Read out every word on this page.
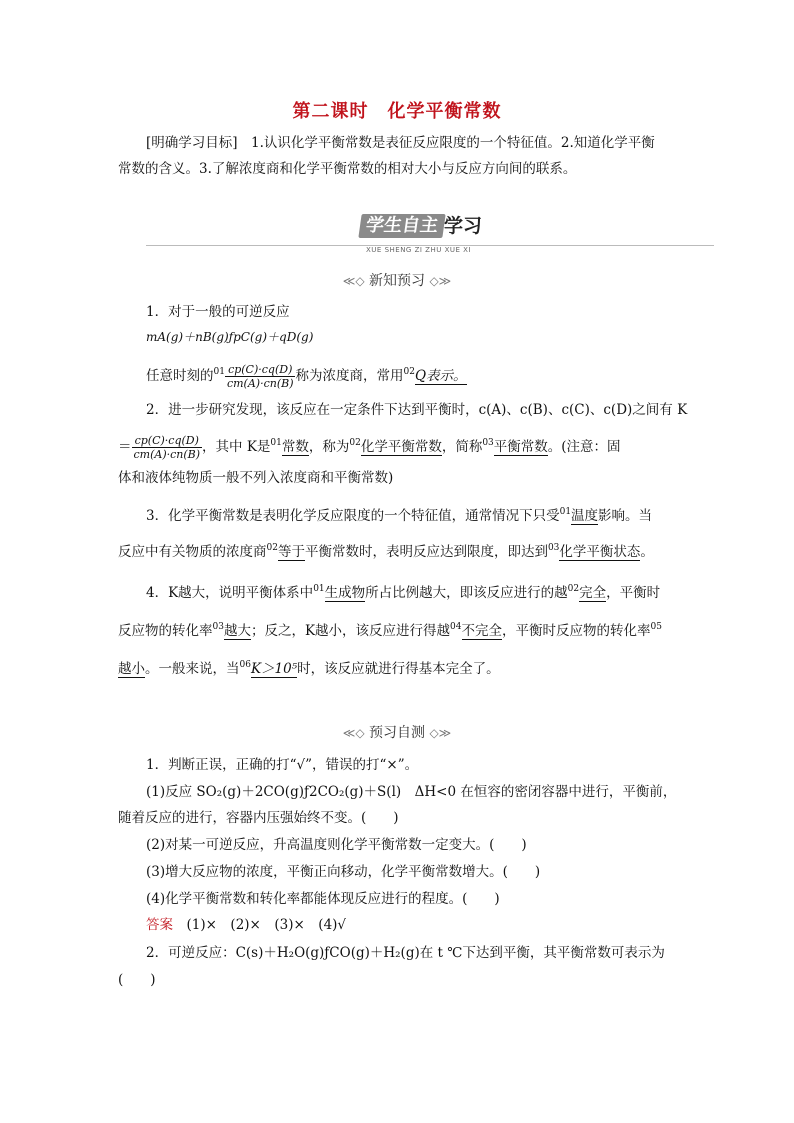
第二课时　化学平衡常数
[明确学习目标]　1.认识化学平衡常数是表征反应限度的一个特征值。2.知道化学平衡
常数的含义。3.了解浓度商和化学平衡常数的相对大小与反应方向间的联系。
学生自主 学习
XUE SHENG ZI ZHU XUE XI
≪◇ 新知预习 ◇≫
1．对于一般的可逆反应
mA(g)＋nB(g)ƒpC(g)＋qD(g)
任意时刻的$^{01} \frac{cp(C)\cdot cq(D)}{cm(A)\cdot cn(B)}$ 称为浓度商，常用$^{02}$Q表示。
2．进一步研究发现，该反应在一定条件下达到平衡时，c(A)、c(B)、c(C)、c(D)之间有 K
＝ $\frac{cp(C)\cdot cq(D)}{cm(A)\cdot cn(B)}$ ，其中 K是$^{01}$常数，称为$^{02}$化学平衡常数，简称$^{03}$平衡常数。(注意：固
体和液体纯物质一般不列入浓度商和平衡常数)
3．化学平衡常数是表明化学反应限度的一个特征值，通常情况下只受$^{01}$温度影响。当
反应中有关物质的浓度商$^{02}$等于平衡常数时，表明反应达到限度，即达到$^{03}$化学平衡状态。
4．K越大，说明平衡体系中$^{01}$生成物所占比例越大，即该反应进行的越$^{02}$完全，平衡时
反应物的转化率$^{03}$越大；反之，K越小，该反应进行得越$^{04}$不完全，平衡时反应物的转化率$^{05}$
越小。一般来说，当$^{06}$K＞10⁵时，该反应就进行得基本完全了。
≪◇ 预习自测 ◇≫
1．判断正误，正确的打“√”，错误的打“×”。
(1)反应 SO₂(g)＋2CO(g)ƒ2CO₂(g)＋S(l)　ΔH<0 在恒容的密闭容器中进行，平衡前，
随着反应的进行，容器内压强始终不变。(　　)
(2)对某一可逆反应，升高温度则化学平衡常数一定变大。(　　)
(3)增大反应物的浓度，平衡正向移动，化学平衡常数增大。(　　)
(4)化学平衡常数和转化率都能体现反应进行的程度。(　　)
答案　(1)×　(2)×　(3)×　(4)√
2．可逆反应：C(s)＋H₂O(g)ƒCO(g)＋H₂(g)在 t ℃下达到平衡，其平衡常数可表示为
(　　)
